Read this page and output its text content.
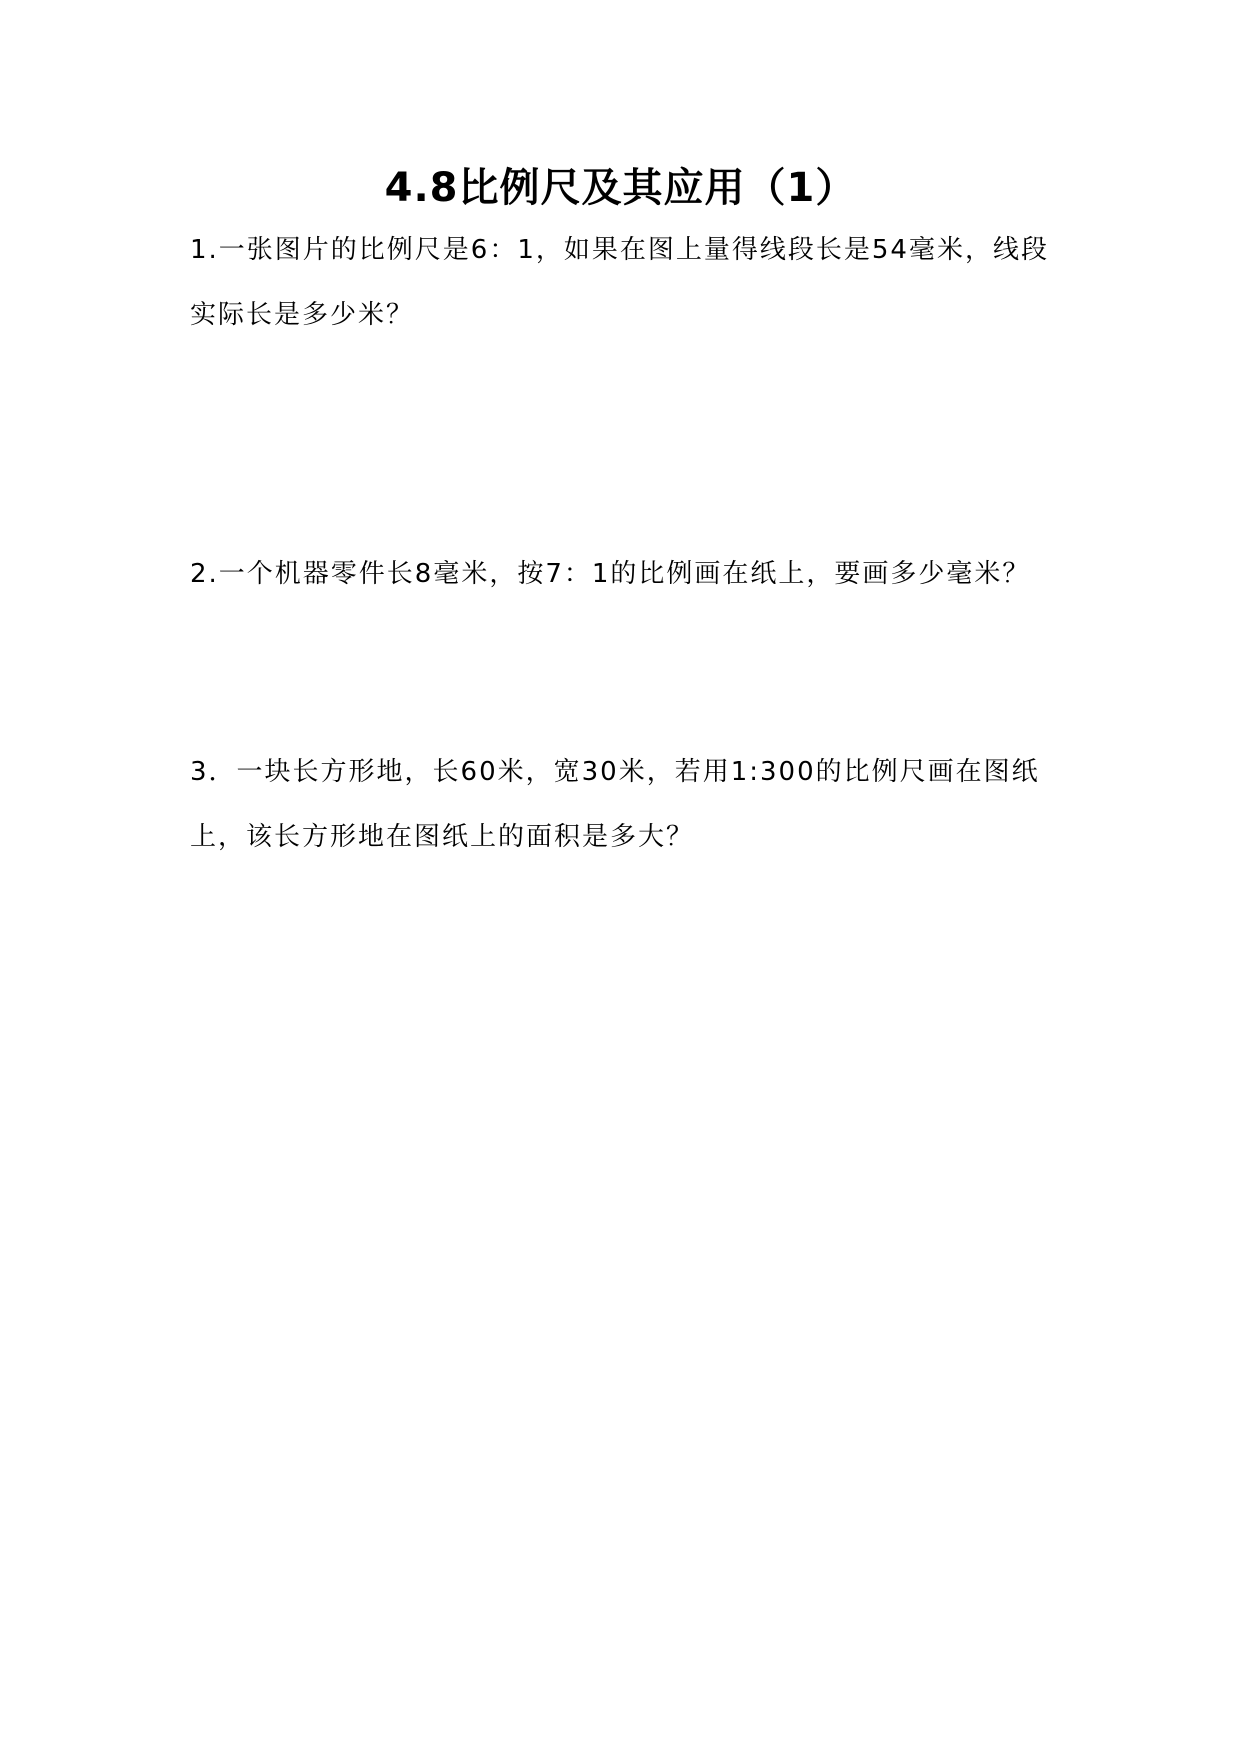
4.8比例尺及其应用（1）

1.一张图片的比例尺是6：1，如果在图上量得线段长是54毫米，线段实际长是多少米？

2.一个机器零件长8毫米，按7：1的比例画在纸上，要画多少毫米？

3．一块长方形地，长60米，宽30米，若用1:300的比例尺画在图纸上，该长方形地在图纸上的面积是多大？
